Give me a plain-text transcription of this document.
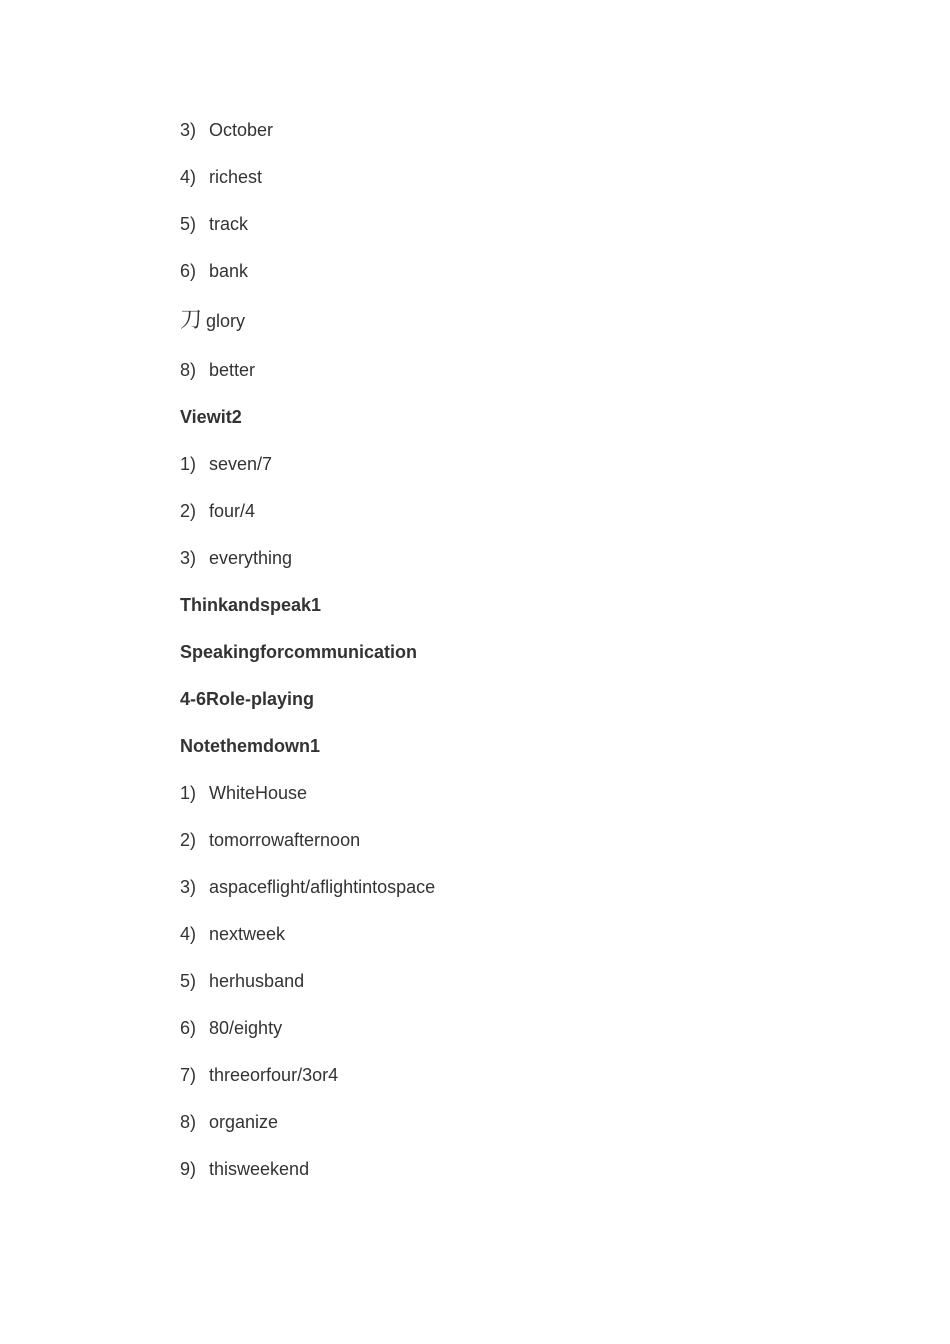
3) October
4) richest
5) track
6) bank
刀 glory
8) better
Viewit2
1) seven/7
2) four/4
3) everything
Thinkandspeak1
Speakingforcommunication
4-6Role-playing
Notethemdown1
1) WhiteHouse
2) tomorrowafternoon
3) aspaceflight/aflightintospace
4) nextweek
5) herhusband
6) 80/eighty
7) threeorfour/3or4
8) organize
9) thisweekend
